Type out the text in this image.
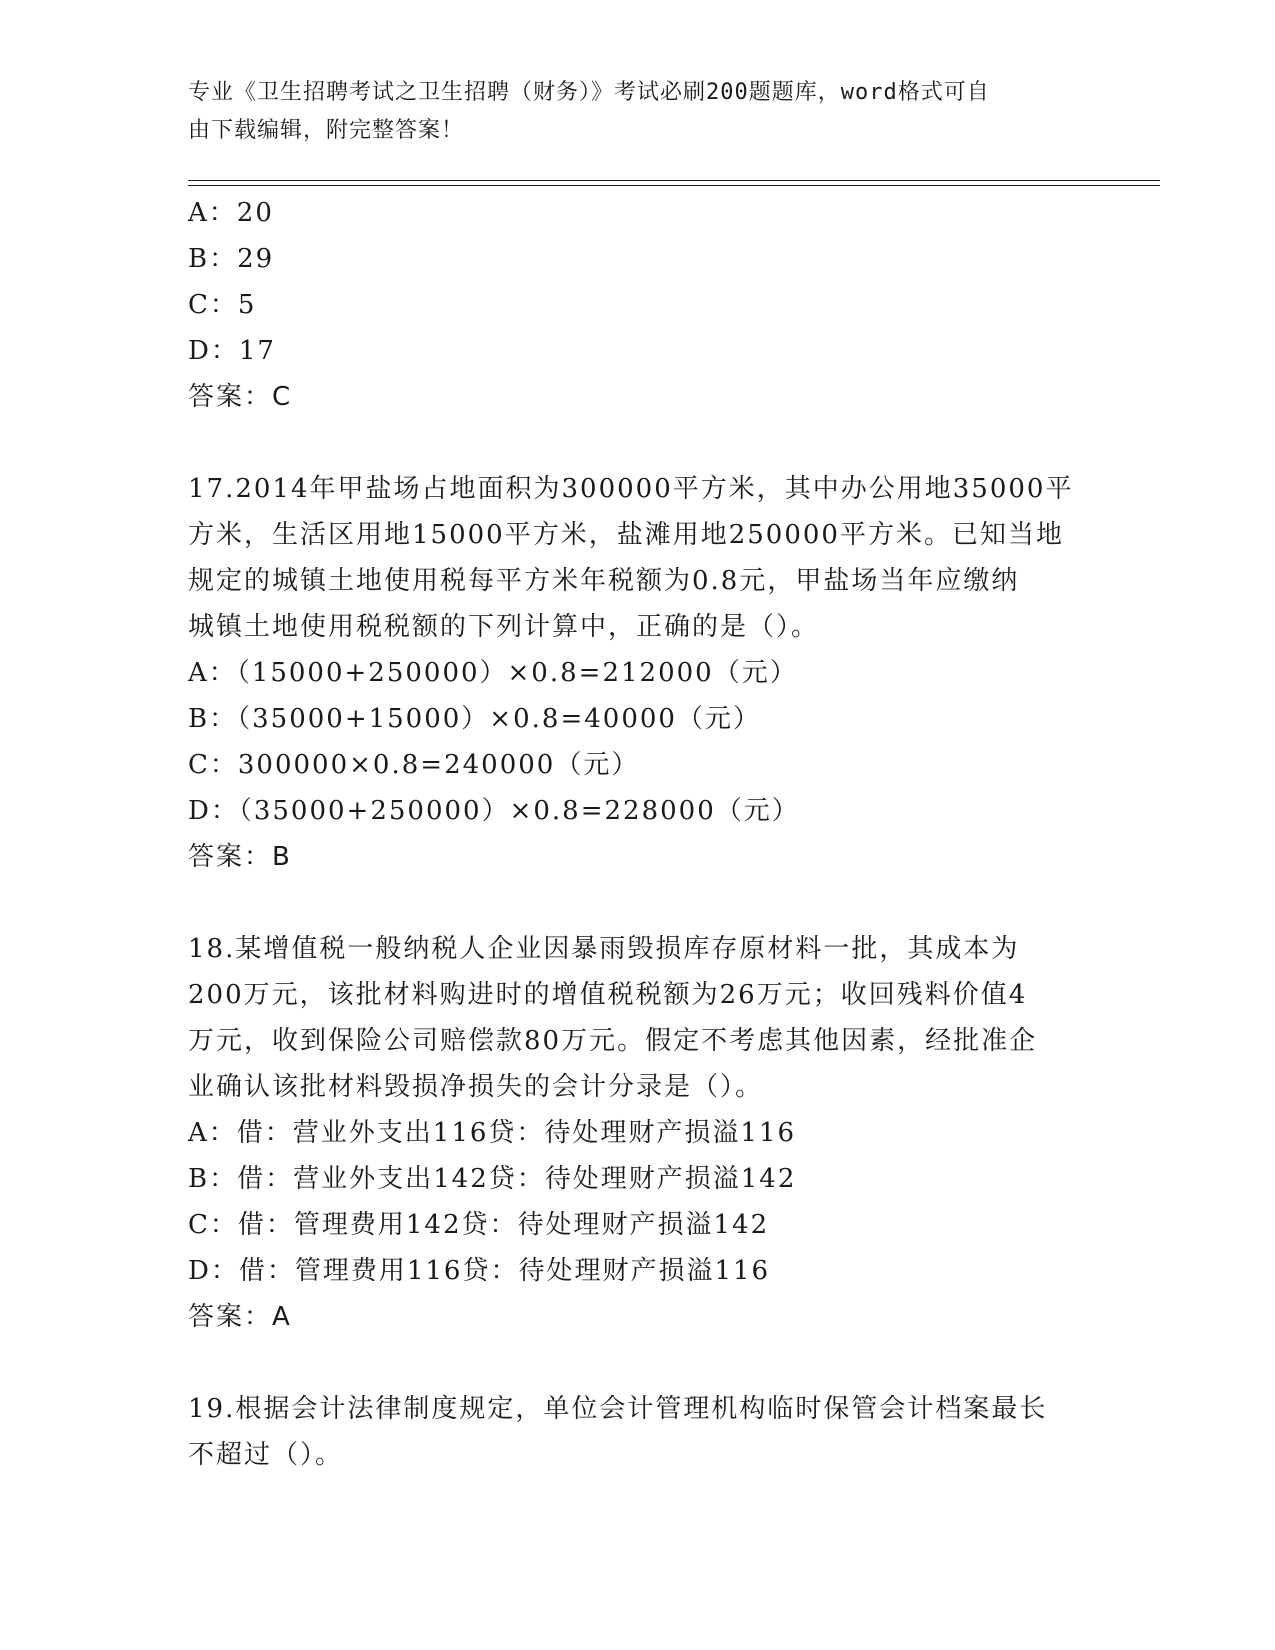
专业《卫生招聘考试之卫生招聘（财务）》考试必刷200题题库，word格式可自
由下载编辑，附完整答案！
A：20
B：29
C：5
D：17
答案：C
17.2014年甲盐场占地面积为300000平方米，其中办公用地35000平
方米，生活区用地15000平方米，盐滩用地250000平方米。已知当地
规定的城镇土地使用税每平方米年税额为0.8元，甲盐场当年应缴纳
城镇土地使用税税额的下列计算中，正确的是（）。
A：（15000+250000）×0.8=212000（元）
B：（35000+15000）×0.8=40000（元）
C：300000×0.8=240000（元）
D：（35000+250000）×0.8=228000（元）
答案：B
18.某增值税一般纳税人企业因暴雨毁损库存原材料一批，其成本为
200万元，该批材料购进时的增值税税额为26万元；收回残料价值4
万元，收到保险公司赔偿款80万元。假定不考虑其他因素，经批准企
业确认该批材料毁损净损失的会计分录是（）。
A：借：营业外支出116贷：待处理财产损溢116
B：借：营业外支出142贷：待处理财产损溢142
C：借：管理费用142贷：待处理财产损溢142
D：借：管理费用116贷：待处理财产损溢116
答案：A
19.根据会计法律制度规定，单位会计管理机构临时保管会计档案最长
不超过（）。
